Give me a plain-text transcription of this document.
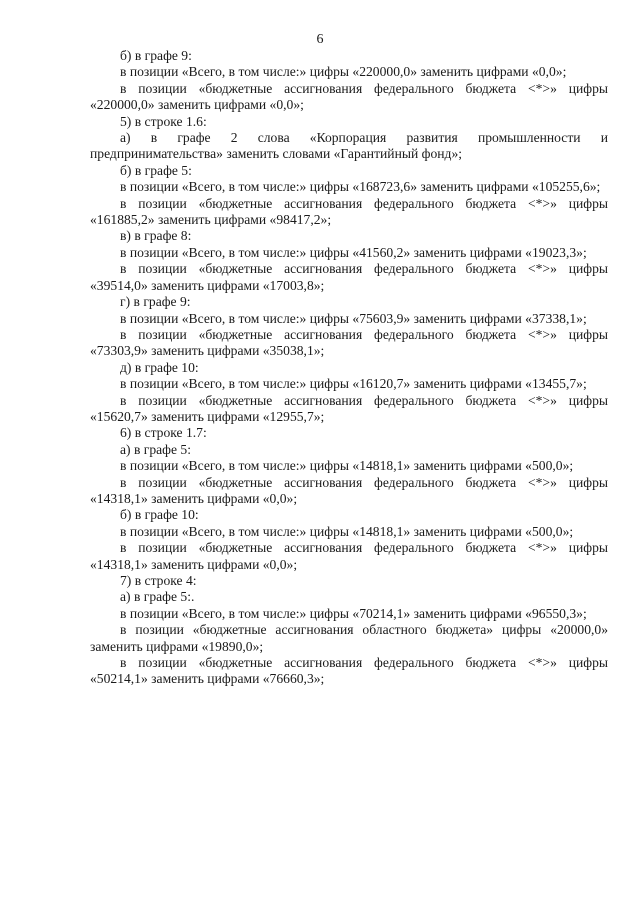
6

б) в графе 9:

в позиции «Всего, в том числе:» цифры «220000,0» заменить цифрами «0,0»;

в позиции «бюджетные ассигнования федерального бюджета <*>» цифры «220000,0» заменить цифрами «0,0»;

5) в строке 1.6:

а) в графе 2 слова «Корпорация развития промышленности и предпринимательства» заменить словами «Гарантийный фонд»;

б) в графе 5:

в позиции «Всего, в том числе:» цифры «168723,6» заменить цифрами «105255,6»;

в позиции «бюджетные ассигнования федерального бюджета <*>» цифры «161885,2» заменить цифрами «98417,2»;

в) в графе 8:

в позиции «Всего, в том числе:» цифры «41560,2» заменить цифрами «19023,3»;

в позиции «бюджетные ассигнования федерального бюджета <*>» цифры «39514,0» заменить цифрами «17003,8»;

г) в графе 9:

в позиции «Всего, в том числе:» цифры «75603,9» заменить цифрами «37338,1»;

в позиции «бюджетные ассигнования федерального бюджета <*>» цифры «73303,9» заменить цифрами «35038,1»;

д) в графе 10:

в позиции «Всего, в том числе:» цифры «16120,7» заменить цифрами «13455,7»;

в позиции «бюджетные ассигнования федерального бюджета <*>» цифры «15620,7» заменить цифрами «12955,7»;

6) в строке 1.7:

а) в графе 5:

в позиции «Всего, в том числе:» цифры «14818,1» заменить цифрами «500,0»;

в позиции «бюджетные ассигнования федерального бюджета <*>» цифры «14318,1» заменить цифрами «0,0»;

б) в графе 10:

в позиции «Всего, в том числе:» цифры «14818,1» заменить цифрами «500,0»;

в позиции «бюджетные ассигнования федерального бюджета <*>» цифры «14318,1» заменить цифрами «0,0»;

7) в строке 4:

а) в графе 5:.

в позиции «Всего, в том числе:» цифры «70214,1» заменить цифрами «96550,3»;

в позиции «бюджетные ассигнования областного бюджета» цифры «20000,0» заменить цифрами «19890,0»;

в позиции «бюджетные ассигнования федерального бюджета <*>» цифры «50214,1» заменить цифрами «76660,3»;
